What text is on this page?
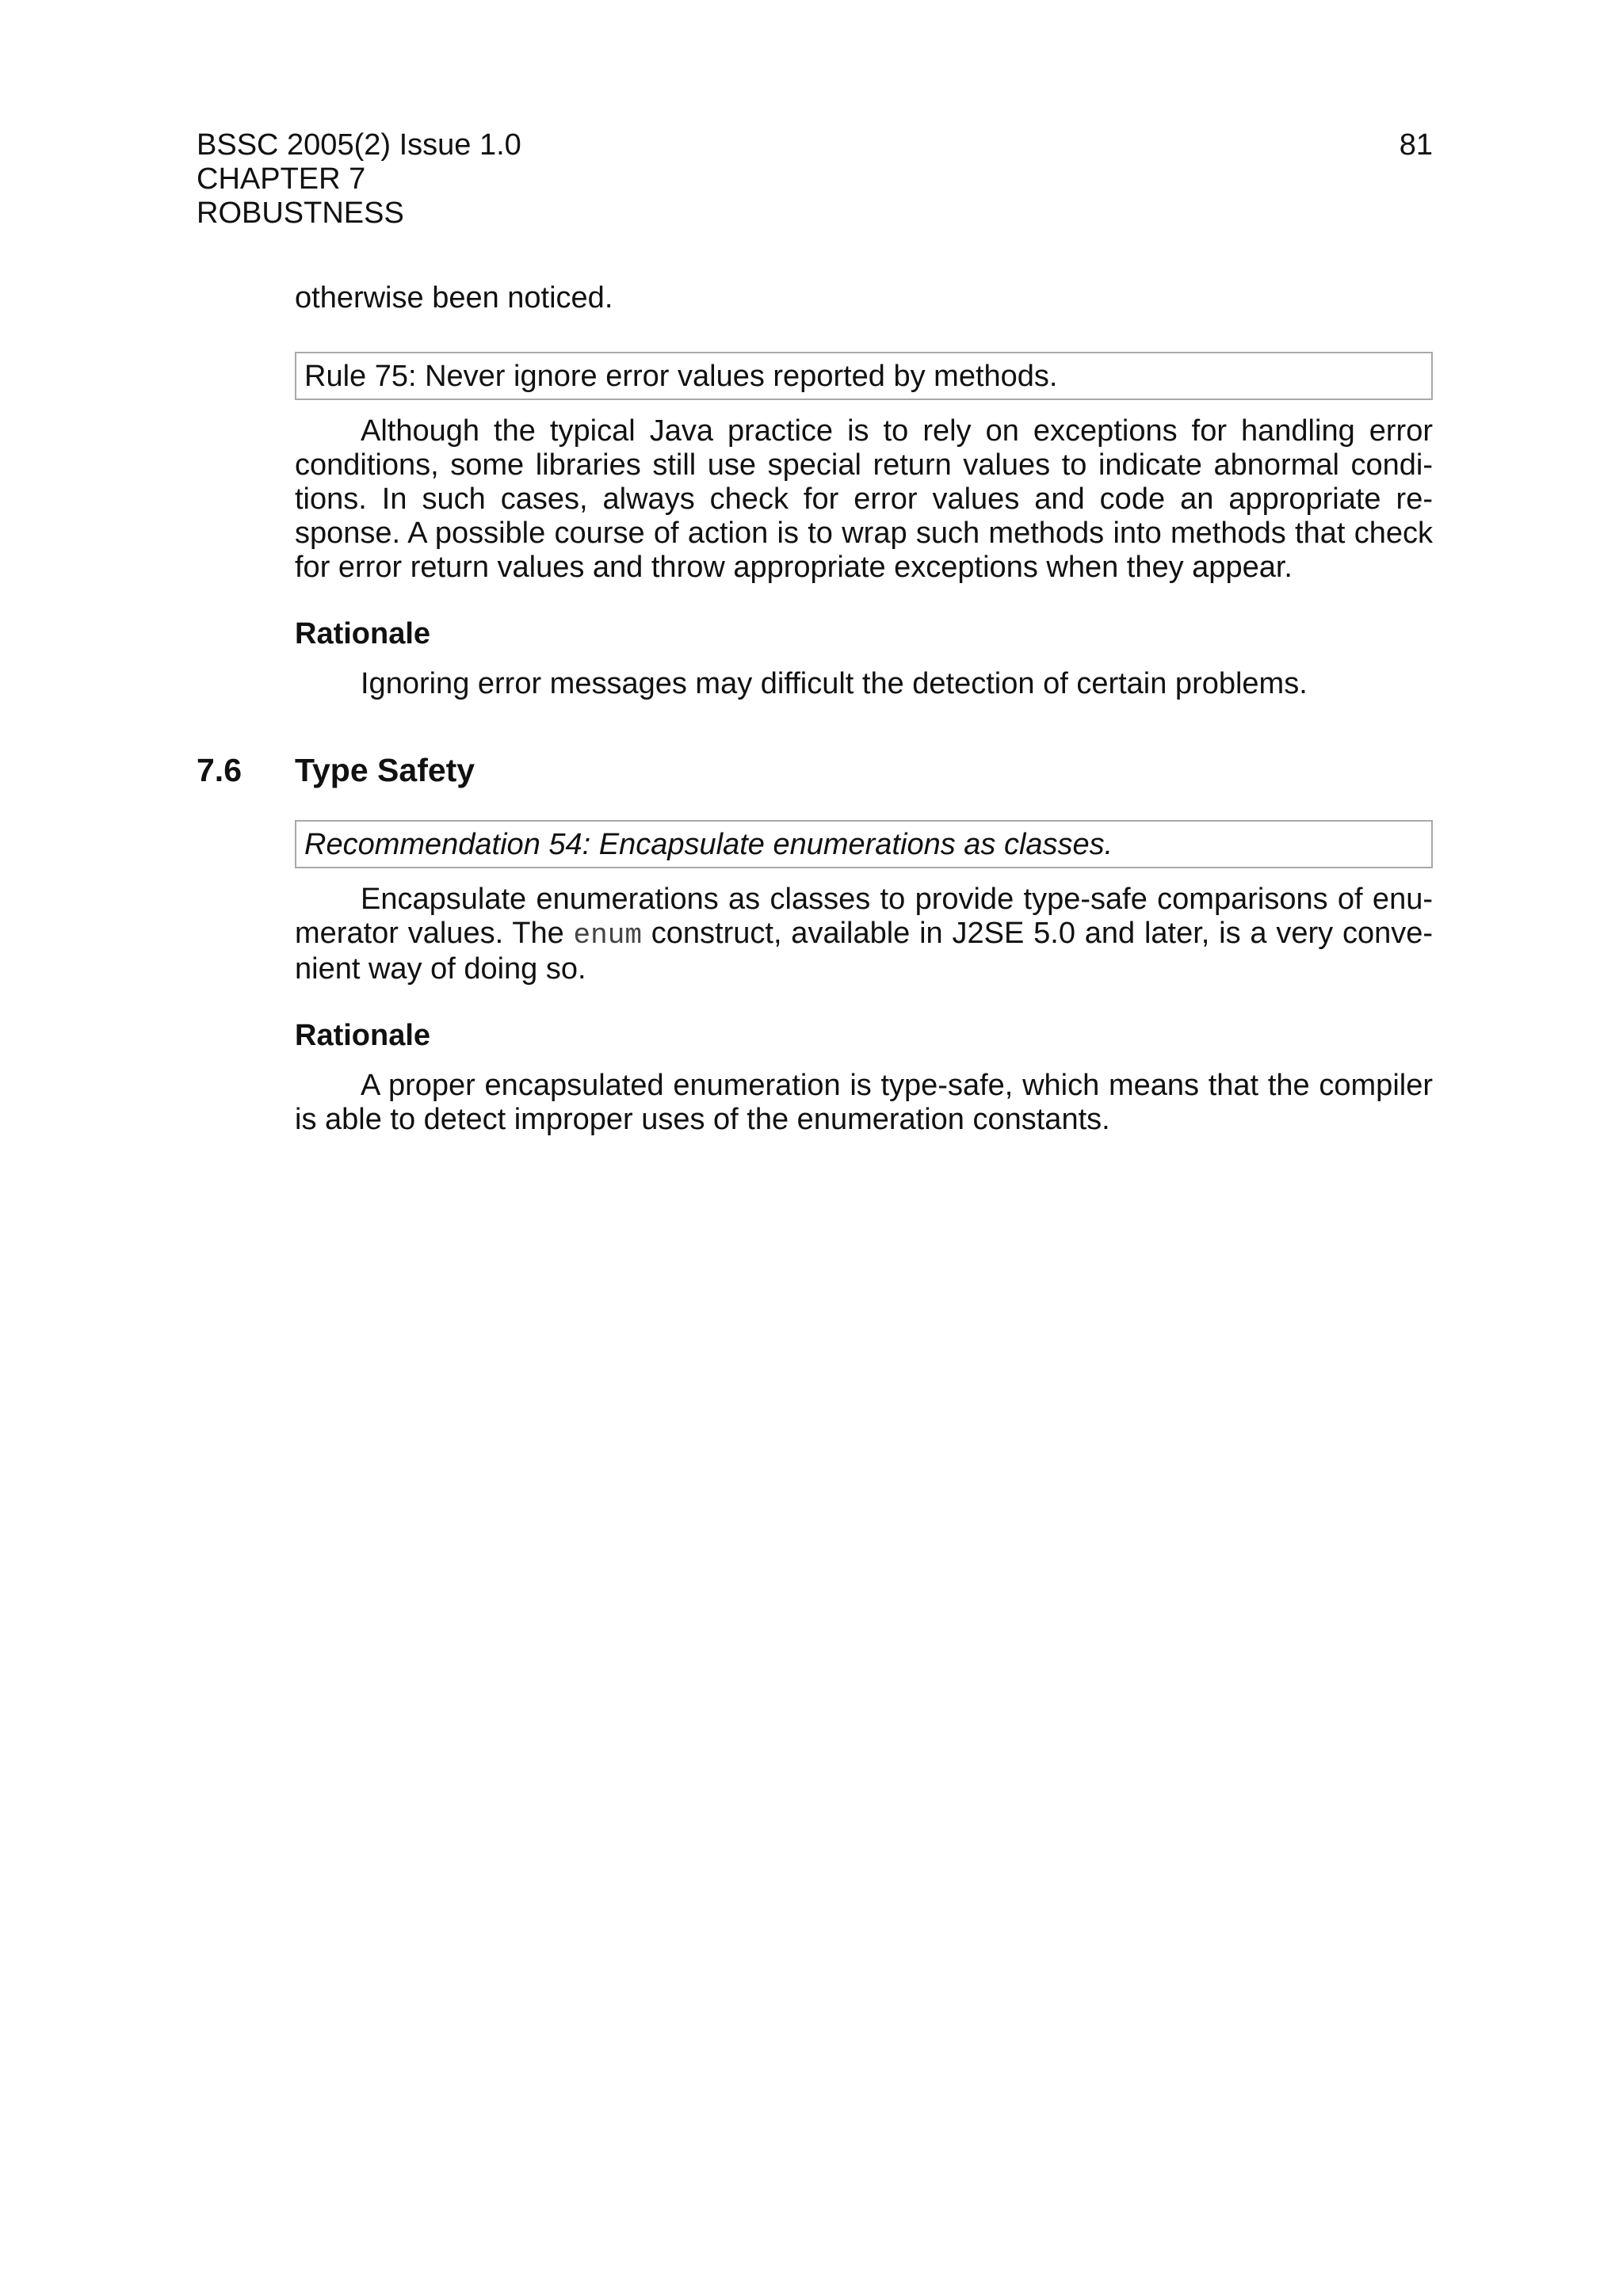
BSSC 2005(2) Issue 1.0
CHAPTER 7
ROBUSTNESS
81

otherwise been noticed.

Rule 75: Never ignore error values reported by methods.

Although the typical Java practice is to rely on exceptions for handling error conditions, some libraries still use special return values to indicate abnormal conditions. In such cases, always check for error values and code an appropriate response. A possible course of action is to wrap such methods into methods that check for error return values and throw appropriate exceptions when they appear.

Rationale

Ignoring error messages may difficult the detection of certain problems.

7.6 Type Safety

Recommendation 54: Encapsulate enumerations as classes.

Encapsulate enumerations as classes to provide type-safe comparisons of enumerator values. The enum construct, available in J2SE 5.0 and later, is a very convenient way of doing so.

Rationale

A proper encapsulated enumeration is type-safe, which means that the compiler is able to detect improper uses of the enumeration constants.
